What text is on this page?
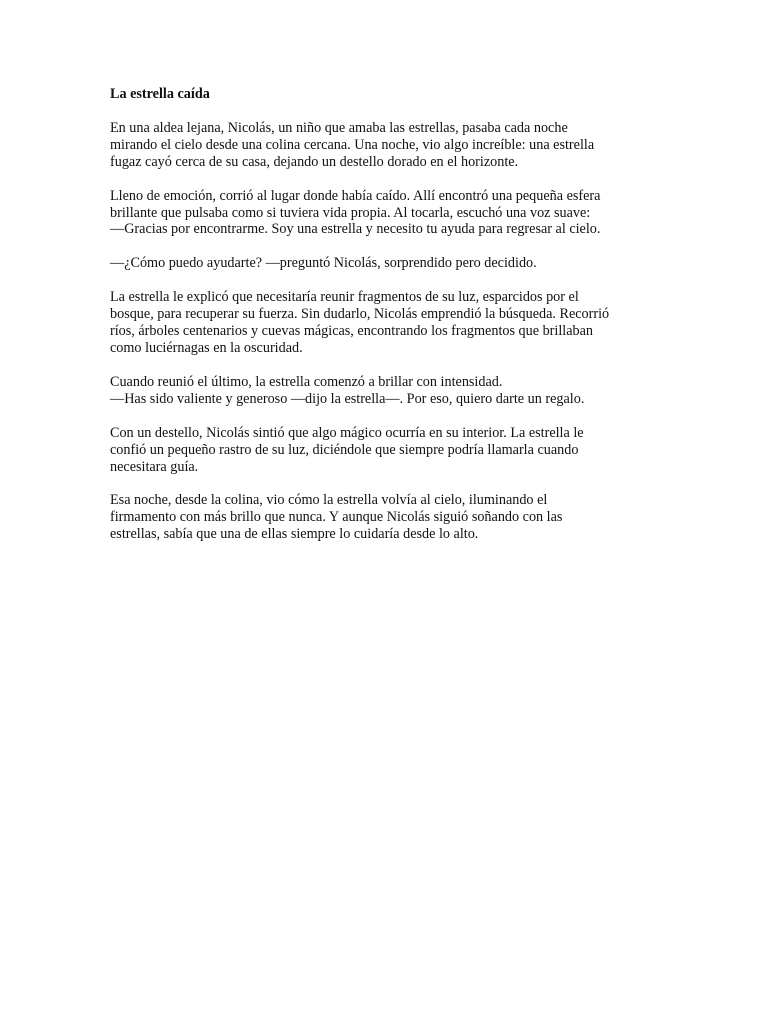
La estrella caída
En una aldea lejana, Nicolás, un niño que amaba las estrellas, pasaba cada noche
mirando el cielo desde una colina cercana. Una noche, vio algo increíble: una estrella
fugaz cayó cerca de su casa, dejando un destello dorado en el horizonte.
Lleno de emoción, corrió al lugar donde había caído. Allí encontró una pequeña esfera
brillante que pulsaba como si tuviera vida propia. Al tocarla, escuchó una voz suave:
—Gracias por encontrarme. Soy una estrella y necesito tu ayuda para regresar al cielo.
—¿Cómo puedo ayudarte? —preguntó Nicolás, sorprendido pero decidido.
La estrella le explicó que necesitaría reunir fragmentos de su luz, esparcidos por el
bosque, para recuperar su fuerza. Sin dudarlo, Nicolás emprendió la búsqueda. Recorrió
ríos, árboles centenarios y cuevas mágicas, encontrando los fragmentos que brillaban
como luciérnagas en la oscuridad.
Cuando reunió el último, la estrella comenzó a brillar con intensidad.
—Has sido valiente y generoso —dijo la estrella—. Por eso, quiero darte un regalo.
Con un destello, Nicolás sintió que algo mágico ocurría en su interior. La estrella le
confió un pequeño rastro de su luz, diciéndole que siempre podría llamarla cuando
necesitara guía.
Esa noche, desde la colina, vio cómo la estrella volvía al cielo, iluminando el
firmamento con más brillo que nunca. Y aunque Nicolás siguió soñando con las
estrellas, sabía que una de ellas siempre lo cuidaría desde lo alto.
